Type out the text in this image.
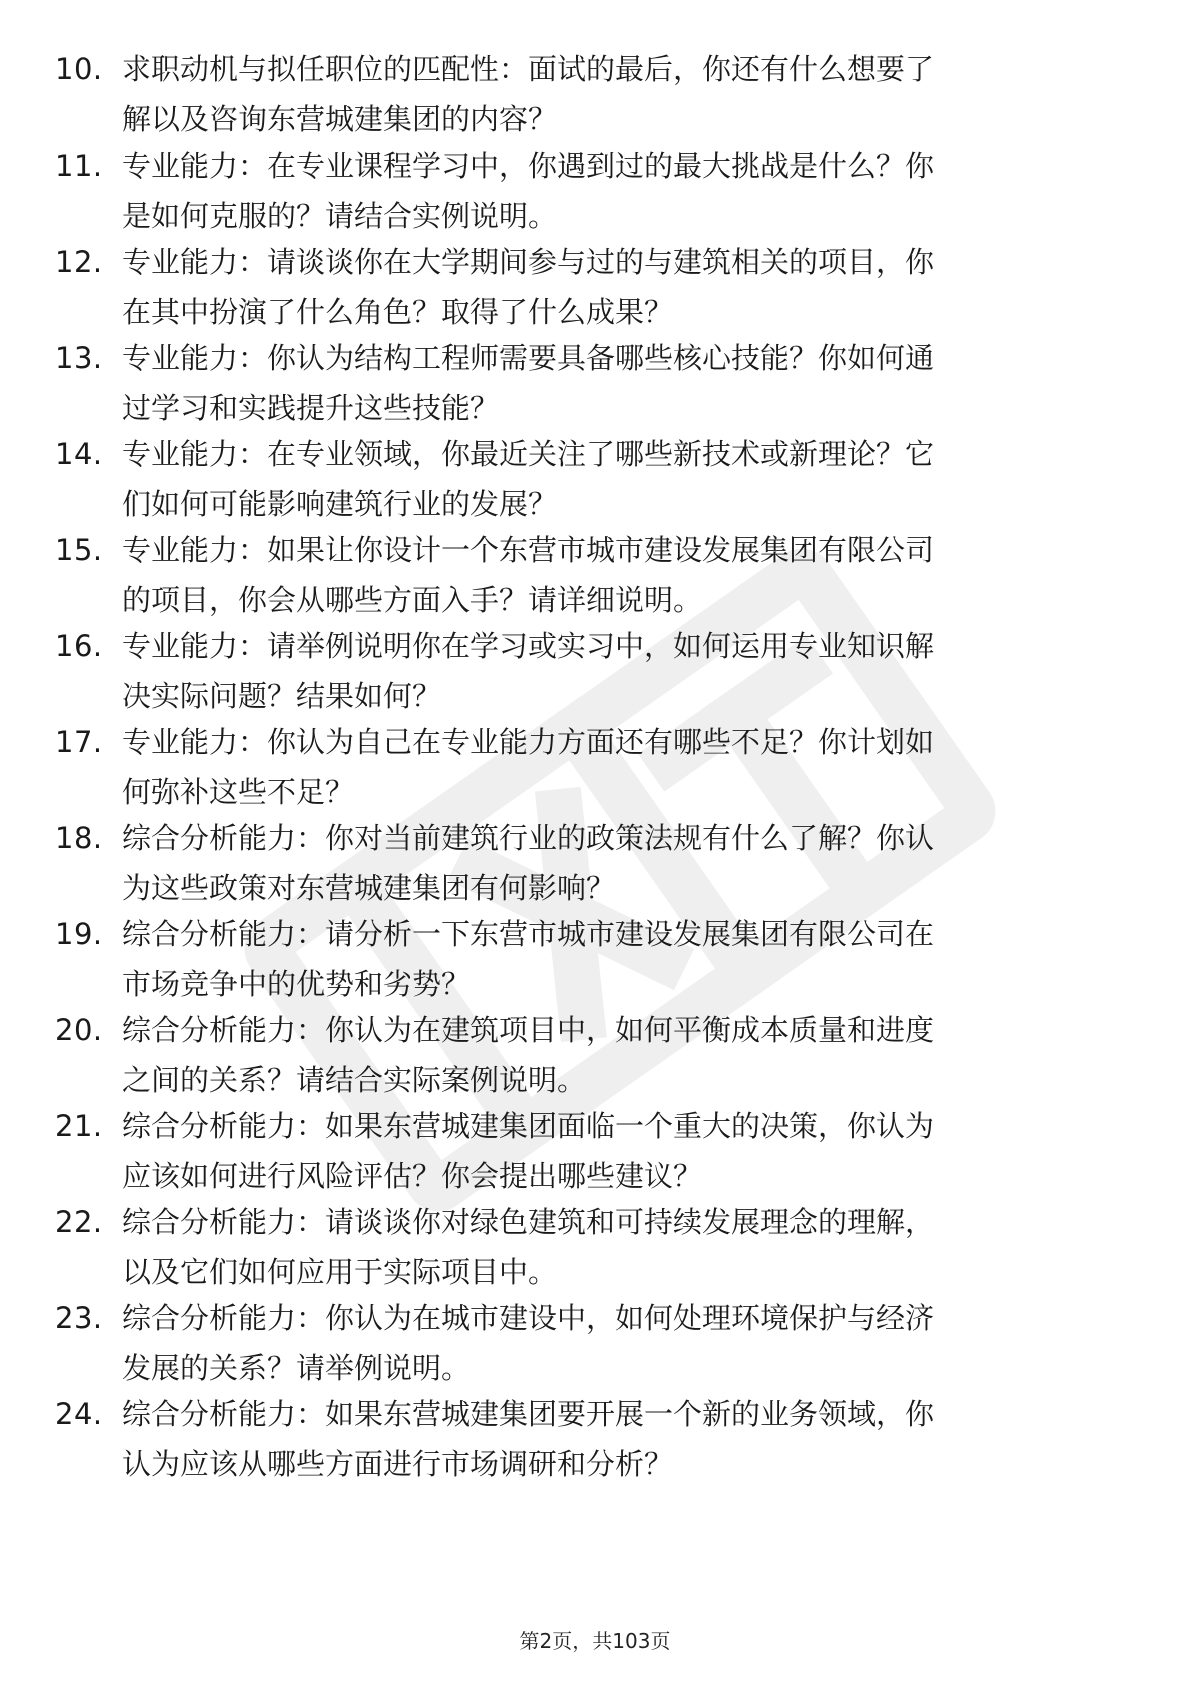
10. 求职动机与拟任职位的匹配性：面试的最后，你还有什么想要了
解以及咨询东营城建集团的内容？
11. 专业能力：在专业课程学习中，你遇到过的最大挑战是什么？你
是如何克服的？请结合实例说明。
12. 专业能力：请谈谈你在大学期间参与过的与建筑相关的项目，你
在其中扮演了什么角色？取得了什么成果？
13. 专业能力：你认为结构工程师需要具备哪些核心技能？你如何通
过学习和实践提升这些技能？
14. 专业能力：在专业领域，你最近关注了哪些新技术或新理论？它
们如何可能影响建筑行业的发展？
15. 专业能力：如果让你设计一个东营市城市建设发展集团有限公司
的项目，你会从哪些方面入手？请详细说明。
16. 专业能力：请举例说明你在学习或实习中，如何运用专业知识解
决实际问题？结果如何？
17. 专业能力：你认为自己在专业能力方面还有哪些不足？你计划如
何弥补这些不足？
18. 综合分析能力：你对当前建筑行业的政策法规有什么了解？你认
为这些政策对东营城建集团有何影响？
19. 综合分析能力：请分析一下东营市城市建设发展集团有限公司在
市场竞争中的优势和劣势？
20. 综合分析能力：你认为在建筑项目中，如何平衡成本质量和进度
之间的关系？请结合实际案例说明。
21. 综合分析能力：如果东营城建集团面临一个重大的决策，你认为
应该如何进行风险评估？你会提出哪些建议？
22. 综合分析能力：请谈谈你对绿色建筑和可持续发展理念的理解，
以及它们如何应用于实际项目中。
23. 综合分析能力：你认为在城市建设中，如何处理环境保护与经济
发展的关系？请举例说明。
24. 综合分析能力：如果东营城建集团要开展一个新的业务领域，你
认为应该从哪些方面进行市场调研和分析？
第2页，共103页
